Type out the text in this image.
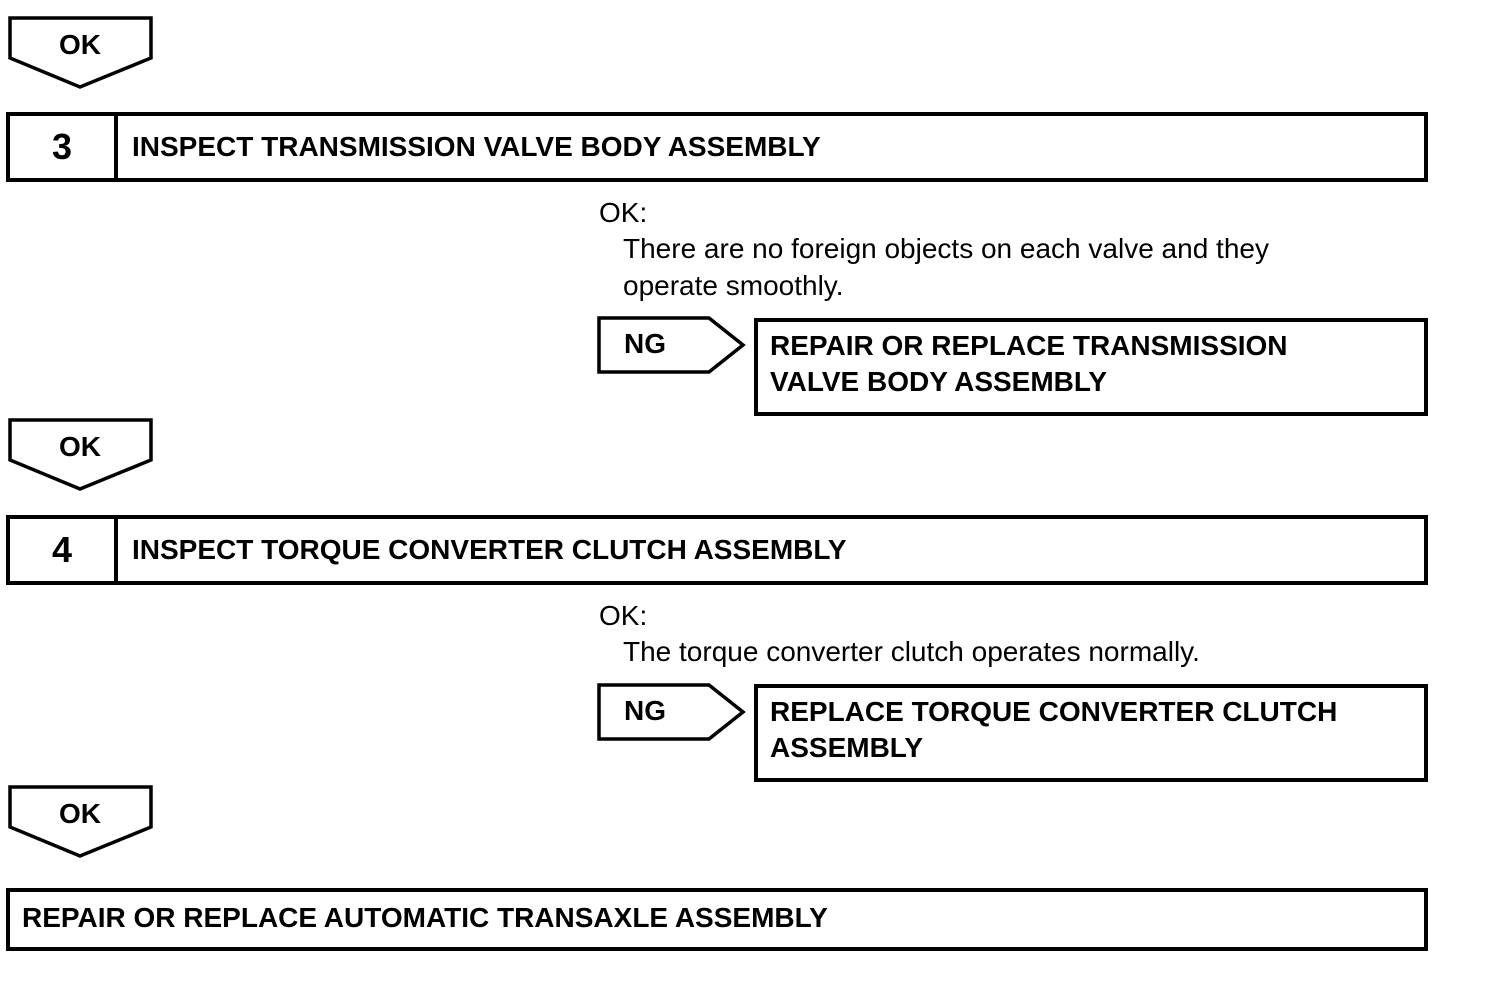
OK
3	INSPECT TRANSMISSION VALVE BODY ASSEMBLY
OK:
There are no foreign objects on each valve and they
operate smoothly.
NG	REPAIR OR REPLACE TRANSMISSION
VALVE BODY ASSEMBLY
OK
4	INSPECT TORQUE CONVERTER CLUTCH ASSEMBLY
OK:
The torque converter clutch operates normally.
NG	REPLACE TORQUE CONVERTER CLUTCH
ASSEMBLY
OK
REPAIR OR REPLACE AUTOMATIC TRANSAXLE ASSEMBLY
